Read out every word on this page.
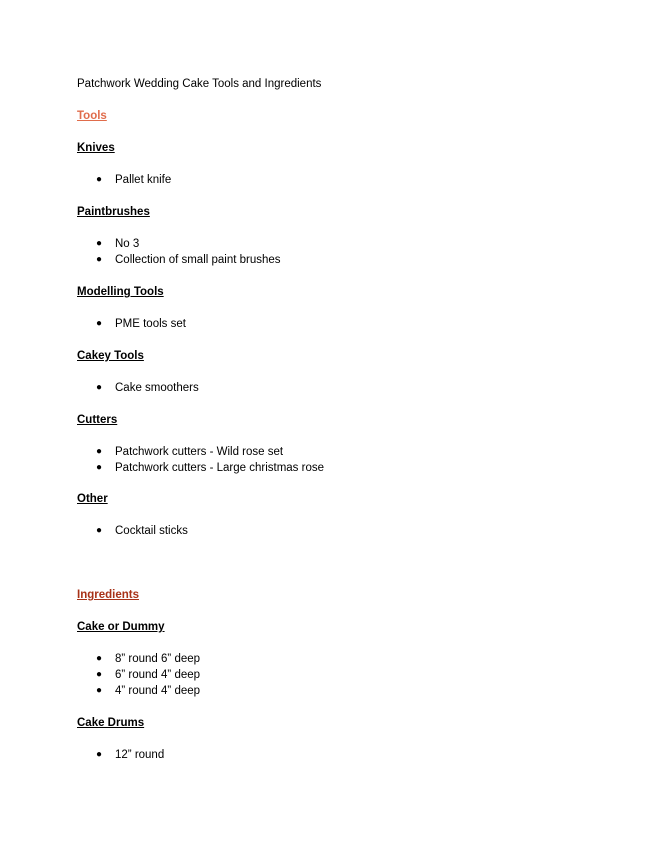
Patchwork Wedding Cake Tools and Ingredients
Tools
Knives
●	Pallet knife
Paintbrushes
●	No 3
●	Collection of small paint brushes
Modelling Tools
●	PME tools set
Cakey Tools
●	Cake smoothers
Cutters
●	Patchwork cutters - Wild rose set
●	Patchwork cutters - Large christmas rose
Other
●	Cocktail sticks
Ingredients
Cake or Dummy
●	8” round 6” deep
●	6” round 4” deep
●	4” round 4” deep
Cake Drums
●	12” round
